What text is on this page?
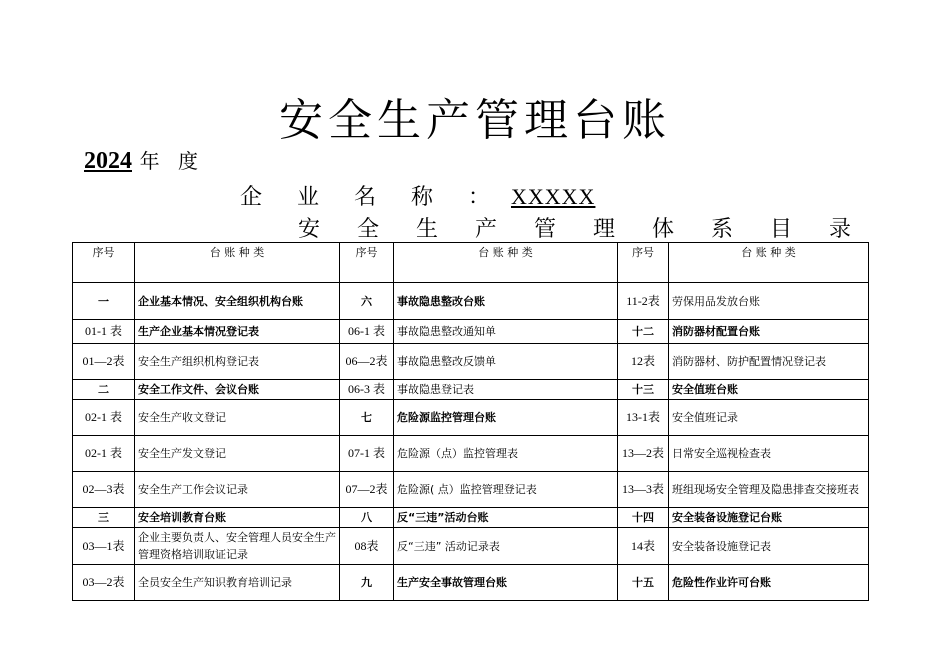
安全生产管理台账
2024 年 度
企 业 名 称 ： XXXXX
安 全 生 产 管 理 体 系 目 录
序号	台 账 种 类	序号	台 账 种 类	序号	台 账 种 类
一	企业基本情况、安全组织机构台账	六	事故隐患整改台账	11-2表	劳保用品发放台账
01-1 表	生产企业基本情况登记表	06-1 表	事故隐患整改通知单	十二	消防器材配置台账
01—2表	安全生产组织机构登记表	06—2表	事故隐患整改反馈单	12表	消防器材、防护配置情况登记表
二	安全工作文件、会议台账	06-3 表	事故隐患登记表	十三	安全值班台账
02-1 表	安全生产收文登记	七	危险源监控管理台账	13-1表	安全值班记录
02-1 表	安全生产发文登记	07-1 表	危险源（点）监控管理表	13—2表	日常安全巡视检查表
02—3表	安全生产工作会议记录	07—2表	危险源( 点）监控管理登记表	13—3表	班组现场安全管理及隐患排查交接班表
三	安全培训教育台账	八	反“三违”活动台账	十四	安全装备设施登记台账
03—1表	企业主要负责人、安全管理人员安全生产管理资格培训取证记录	08表	反“三违” 活动记录表	14表	安全装备设施登记表
03—2表	全员安全生产知识教育培训记录	九	生产安全事故管理台账	十五	危险性作业许可台账
